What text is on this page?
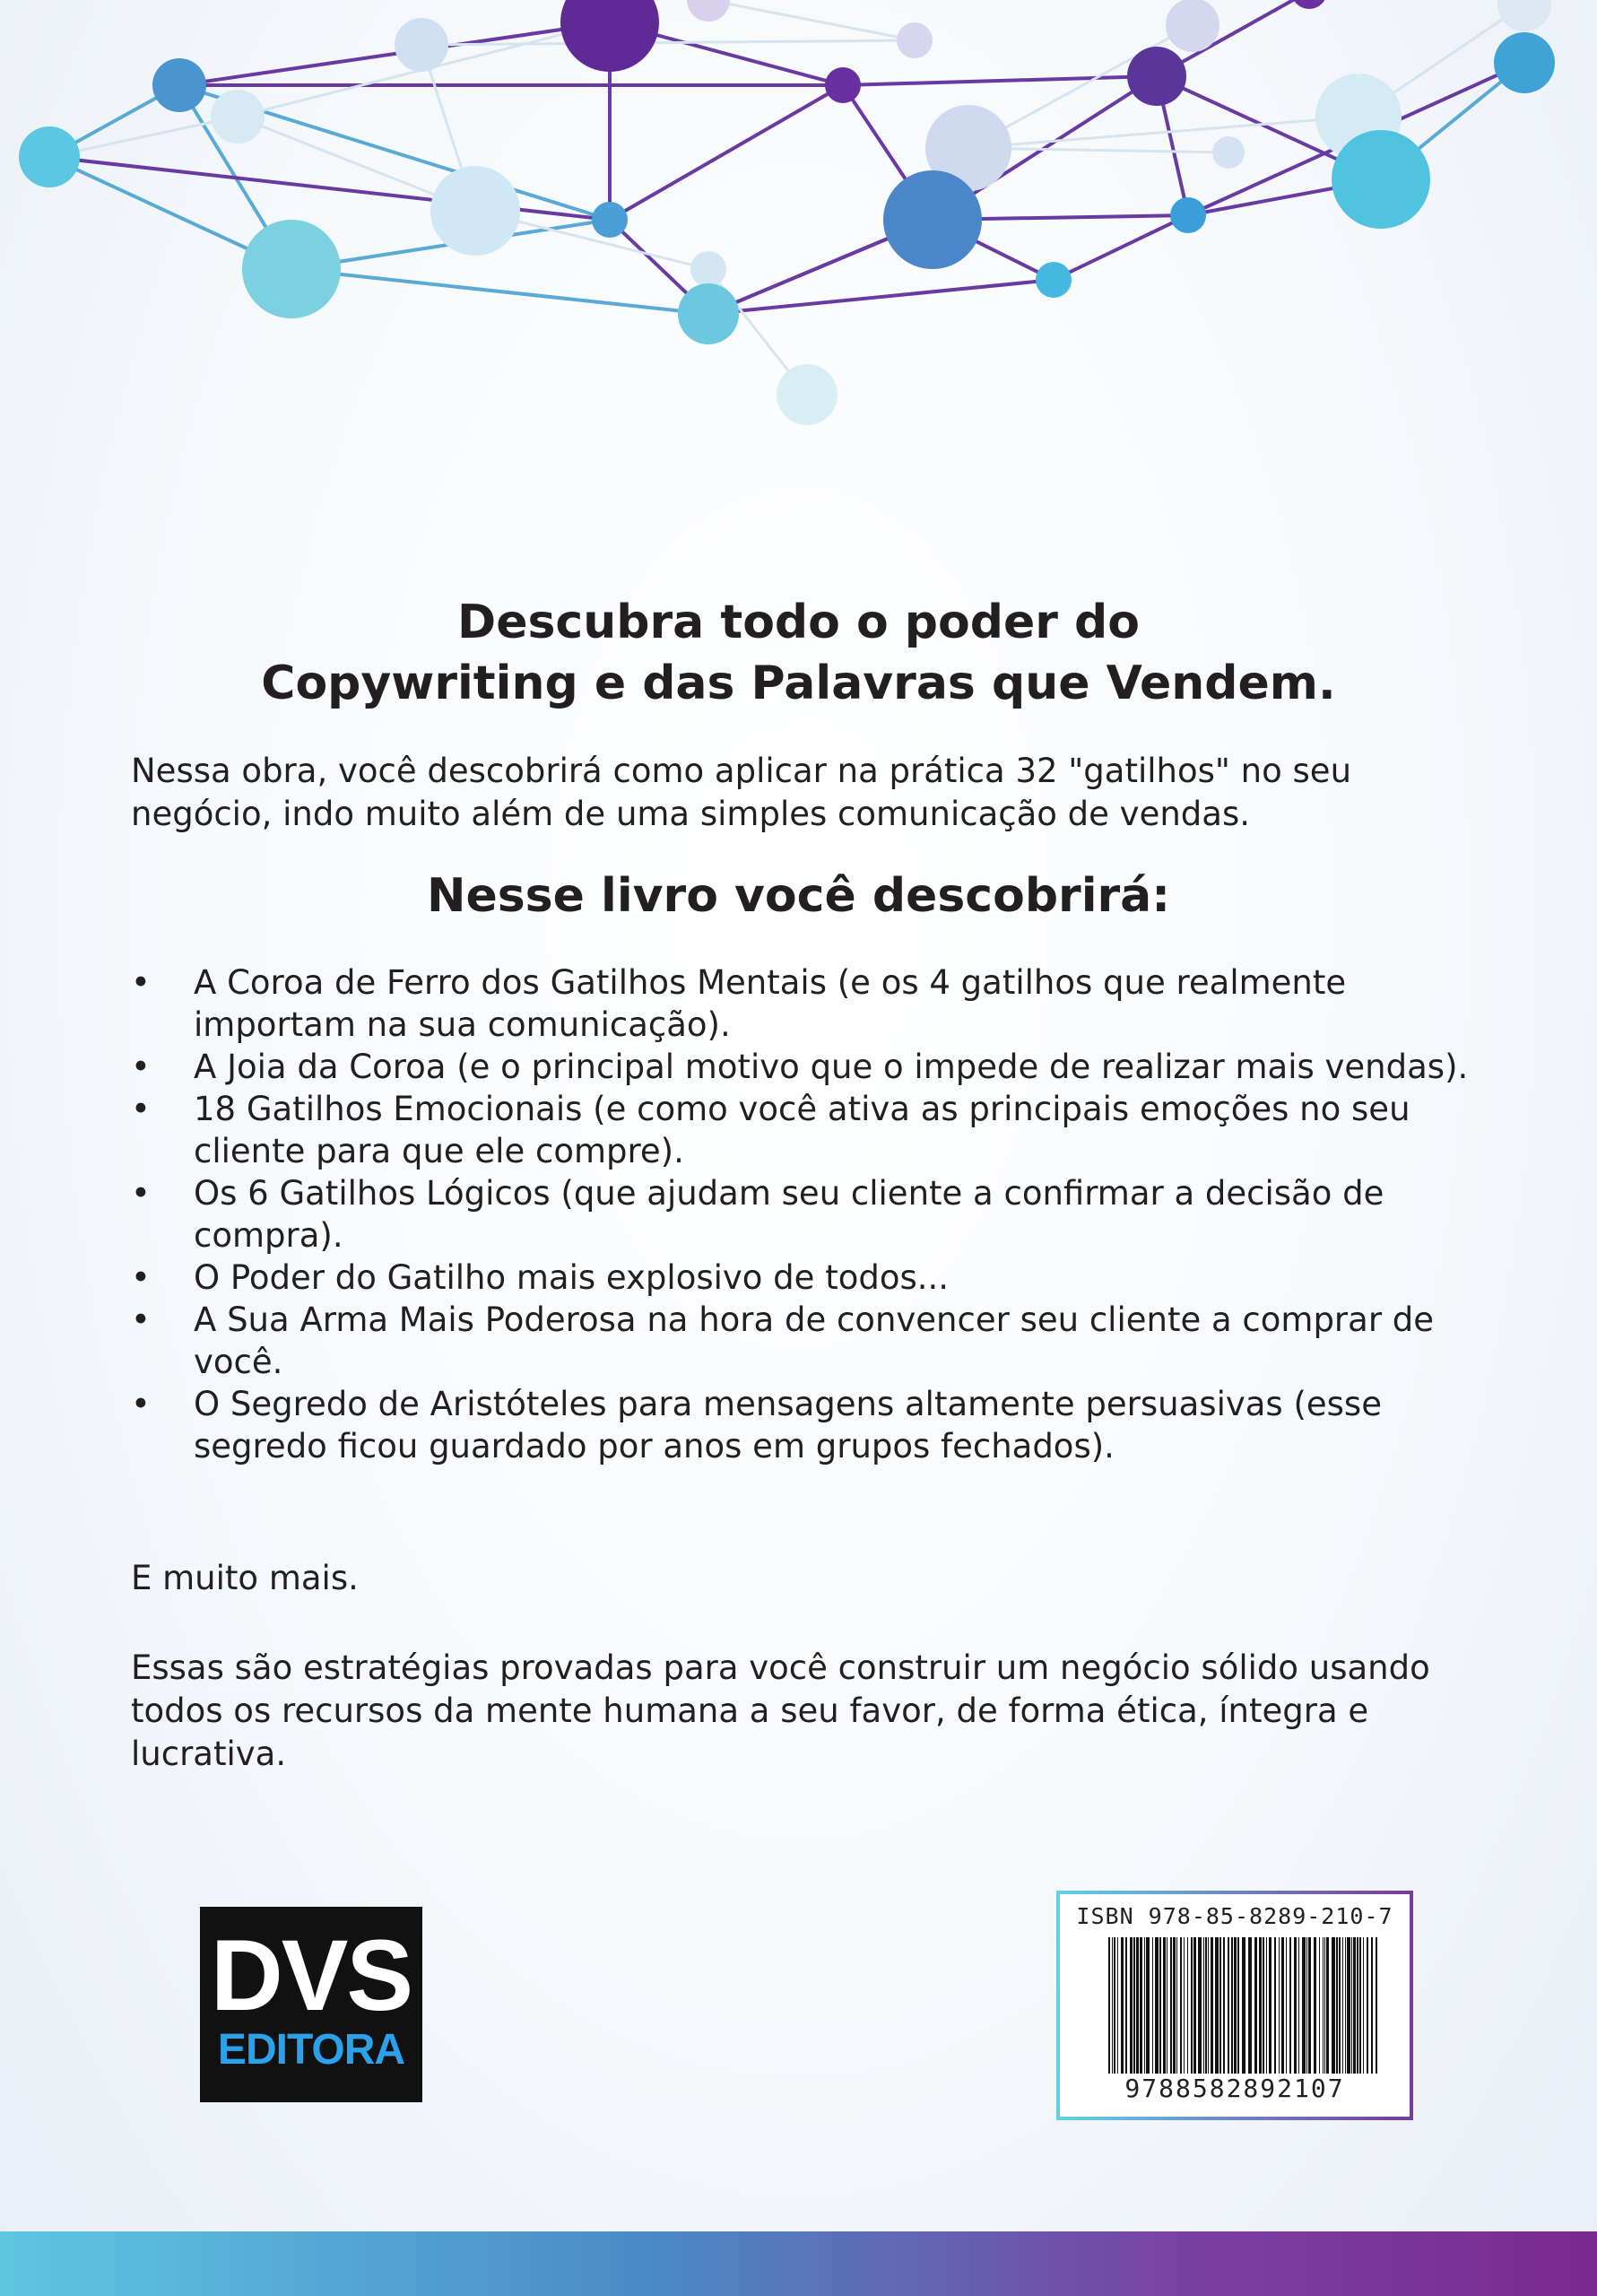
Descubra todo o poder do
Copywriting e das Palavras que Vendem.

Nessa obra, você descobrirá como aplicar na prática 32 "gatilhos" no seu negócio, indo muito além de uma simples comunicação de vendas.

Nesse livro você descobrirá:
• A Coroa de Ferro dos Gatilhos Mentais (e os 4 gatilhos que realmente importam na sua comunicação).
• A Joia da Coroa (e o principal motivo que o impede de realizar mais vendas).
• 18 Gatilhos Emocionais (e como você ativa as principais emoções no seu cliente para que ele compre).
• Os 6 Gatilhos Lógicos (que ajudam seu cliente a confirmar a decisão de compra).
• O Poder do Gatilho mais explosivo de todos...
• A Sua Arma Mais Poderosa na hora de convencer seu cliente a comprar de você.
• O Segredo de Aristóteles para mensagens altamente persuasivas (esse segredo ficou guardado por anos em grupos fechados).

E muito mais.

Essas são estratégias provadas para você construir um negócio sólido usando todos os recursos da mente humana a seu favor, de forma ética, íntegra e lucrativa.

DVS
EDITORA
ISBN 978-85-8289-210-7
9788582892107
